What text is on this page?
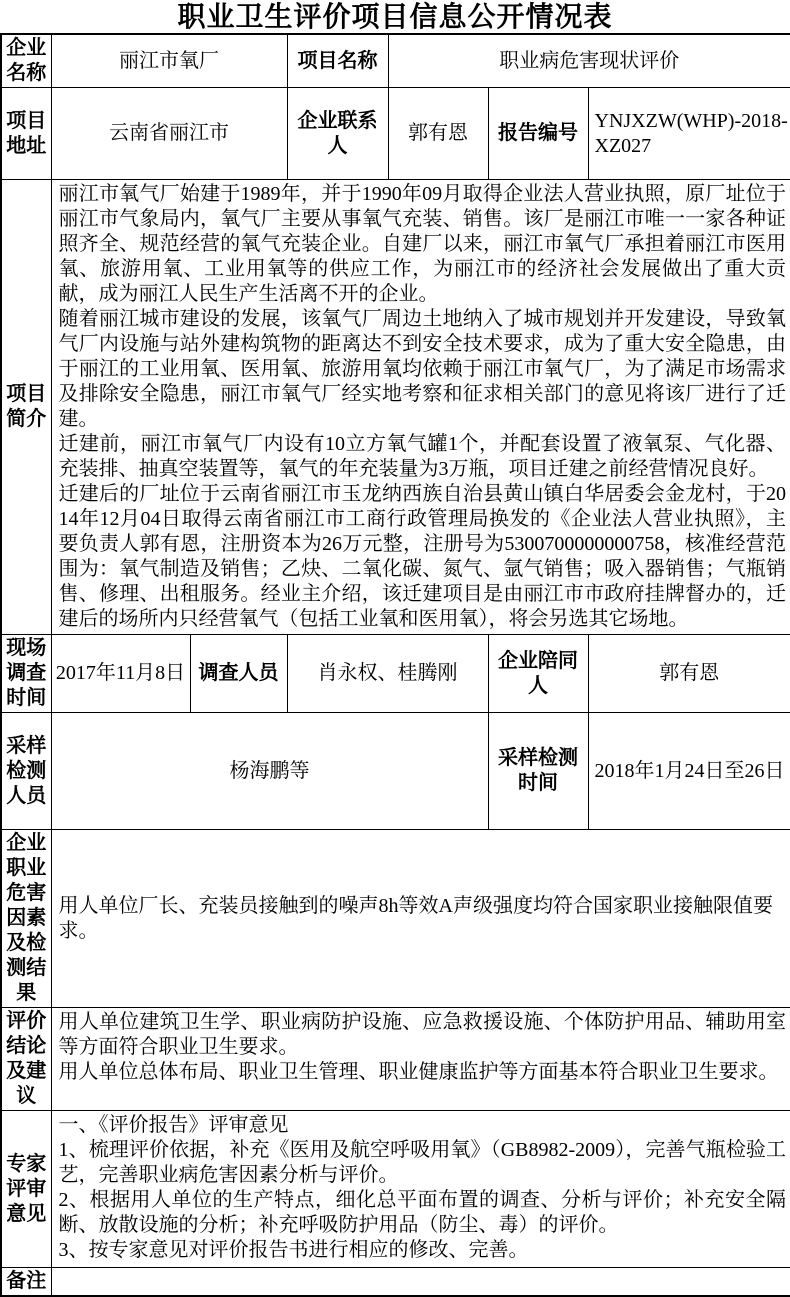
职业卫生评价项目信息公开情况表
企业名称	丽江市氧厂		项目名称	职业病危害现状评价		
项目地址	云南省丽江市		企业联系人	郭有恩	报告编号	YNJXZW(WHP)-2018-XZ027
项目简介	丽江市氧气厂始建于1989年，并于1990年09月取得企业法人营业执照，原厂址位于丽江市气象局内，氧气厂主要从事氧气充装、销售。该厂是丽江市唯一一家各种证照齐全、规范经营的氧气充装企业。自建厂以来，丽江市氧气厂承担着丽江市医用氧、旅游用氧、工业用氧等的供应工作，为丽江市的经济社会发展做出了重大贡献，成为丽江人民生产生活离不开的企业。
随着丽江城市建设的发展，该氧气厂周边土地纳入了城市规划并开发建设，导致氧气厂内设施与站外建构筑物的距离达不到安全技术要求，成为了重大安全隐患，由于丽江的工业用氧、医用氧、旅游用氧均依赖于丽江市氧气厂，为了满足市场需求及排除安全隐患，丽江市氧气厂经实地考察和征求相关部门的意见将该厂进行了迁建。
迁建前，丽江市氧气厂内设有10立方氧气罐1个，并配套设置了液氧泵、气化器、充装排、抽真空装置等，氧气的年充装量为3万瓶，项目迁建之前经营情况良好。
迁建后的厂址位于云南省丽江市玉龙纳西族自治县黄山镇白华居委会金龙村，于2014年12月04日取得云南省丽江市工商行政管理局换发的《企业法人营业执照》，主要负责人郭有恩，注册资本为26万元整，注册号为5300700000000758，核准经营范围为：氧气制造及销售；乙炔、二氧化碳、氮气、氩气销售；吸入器销售；气瓶销售、修理、出租服务。经业主介绍，该迁建项目是由丽江市市政府挂牌督办的，迁建后的场所内只经营氧气（包括工业氧和医用氧），将会另选其它场地。					

现场调查时间	2017年11月8日	调查人员	肖永权、桂腾刚		企业陪同人	郭有恩
采样检测人员	杨海鹏等				采样检测时间	2018年1月24日至26日
企业职业危害因素及检测结果	用人单位厂长、充装员接触到的噪声8h等效A声级强度均符合国家职业接触限值要求。					
评价结论及建议	用人单位建筑卫生学、职业病防护设施、应急救援设施、个体防护用品、辅助用室等方面符合职业卫生要求。
用人单位总体布局、职业卫生管理、职业健康监护等方面基本符合职业卫生要求。					

专家评审意见	一、《评价报告》评审意见
1、梳理评价依据，补充《医用及航空呼吸用氧》（GB8982-2009），完善气瓶检验工艺，完善职业病危害因素分析与评价。
2、根据用人单位的生产特点，细化总平面布置的调查、分析与评价；补充安全隔断、放散设施的分析；补充呼吸防护用品（防尘、毒）的评价。
3、按专家意见对评价报告书进行相应的修改、完善。					

备注						
